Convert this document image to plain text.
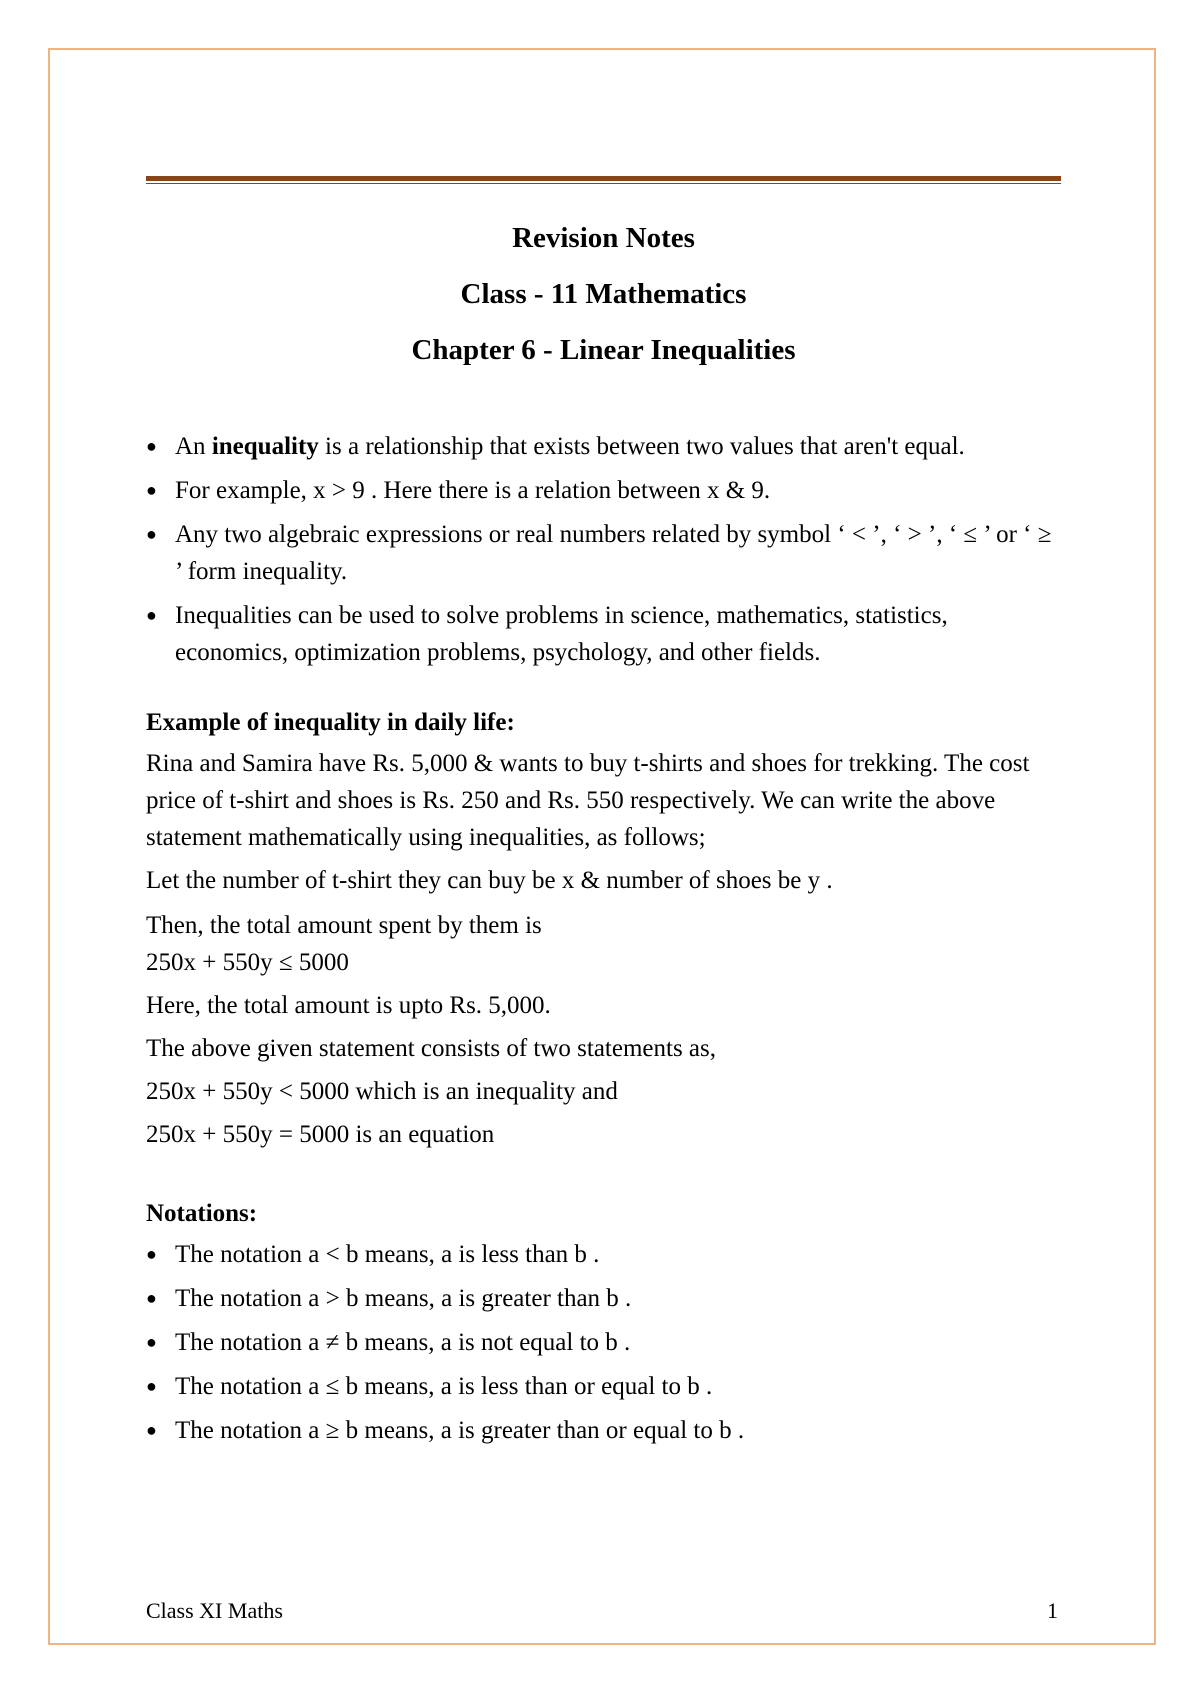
Revision Notes
Class - 11 Mathematics
Chapter 6 - Linear Inequalities
● An inequality is a relationship that exists between two values that aren't equal.
● For example, x > 9 . Here there is a relation between x & 9.
● Any two algebraic expressions or real numbers related by symbol ‘ < ’, ‘ > ’, ‘ ≤ ’ or ‘ ≥ ’ form inequality.
● Inequalities can be used to solve problems in science, mathematics, statistics, economics, optimization problems, psychology, and other fields.

Example of inequality in daily life:

Rina and Samira have Rs. 5,000 & wants to buy t-shirts and shoes for trekking. The cost price of t-shirt and shoes is Rs. 250 and Rs. 550 respectively. We can write the above statement mathematically using inequalities, as follows;

Let the number of t-shirt they can buy be x & number of shoes be y .

Then, the total amount spent by them is

250x + 550y ≤ 5000

Here, the total amount is upto Rs. 5,000.

The above given statement consists of two statements as,

250x + 550y < 5000 which is an inequality and

250x + 550y = 5000 is an equation

Notations:

● The notation a < b means, a is less than b .
● The notation a > b means, a is greater than b .
● The notation a ≠ b means, a is not equal to b .
● The notation a ≤ b means, a is less than or equal to b .
● The notation a ≥ b means, a is greater than or equal to b .
Class XI Maths	1
